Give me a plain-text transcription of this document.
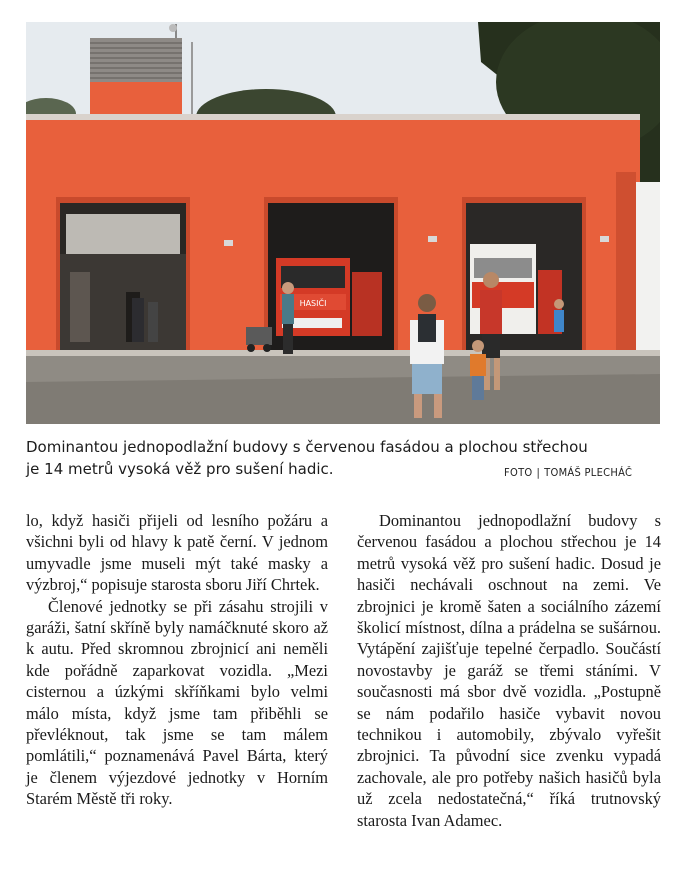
HASIČI
Dominantou jednopodlažní budovy s červenou fasádou a plochou střechou
je 14 metrů vysoká věž pro sušení hadic.	FOTO | TOMÁŠ PLECHÁČ

lo, když hasiči přijeli od lesního požáru a všichni byli od hlavy k patě černí. V jednom umyvadle jsme museli mýt také masky a výzbroj,“ popisuje starosta sboru Jiří Chrtek.

Členové jednotky se při zásahu strojili v garáži, šatní skříně byly namáčknuté skoro až k autu. Před skromnou zbrojnicí ani neměli kde pořádně zaparkovat vozidla. „Mezi cisternou a úzkými skříňkami bylo velmi málo místa, když jsme tam přiběhli se převléknout, tak jsme se tam málem pomlátili,“ poznamenává Pavel Bárta, který je členem výjezdové jednotky v Horním Starém Městě tři roky.

Dominantou jednopodlažní budovy s červenou fasádou a plochou střechou je 14 metrů vysoká věž pro sušení hadic. Dosud je hasiči nechávali oschnout na zemi. Ve zbrojnici je kromě šaten a sociálního zázemí školicí místnost, dílna a prádelna se sušárnou. Vytápění zajišťuje tepelné čerpadlo. Součástí novostavby je garáž se třemi stáními. V současnosti má sbor dvě vozidla. „Postupně se nám podařilo hasiče vybavit novou technikou i automobily, zbývalo vyřešit zbrojnici. Ta původní sice zvenku vypadá zachovale, ale pro potřeby našich hasičů byla už zcela nedostatečná,“ říká trutnovský starosta Ivan Adamec.
